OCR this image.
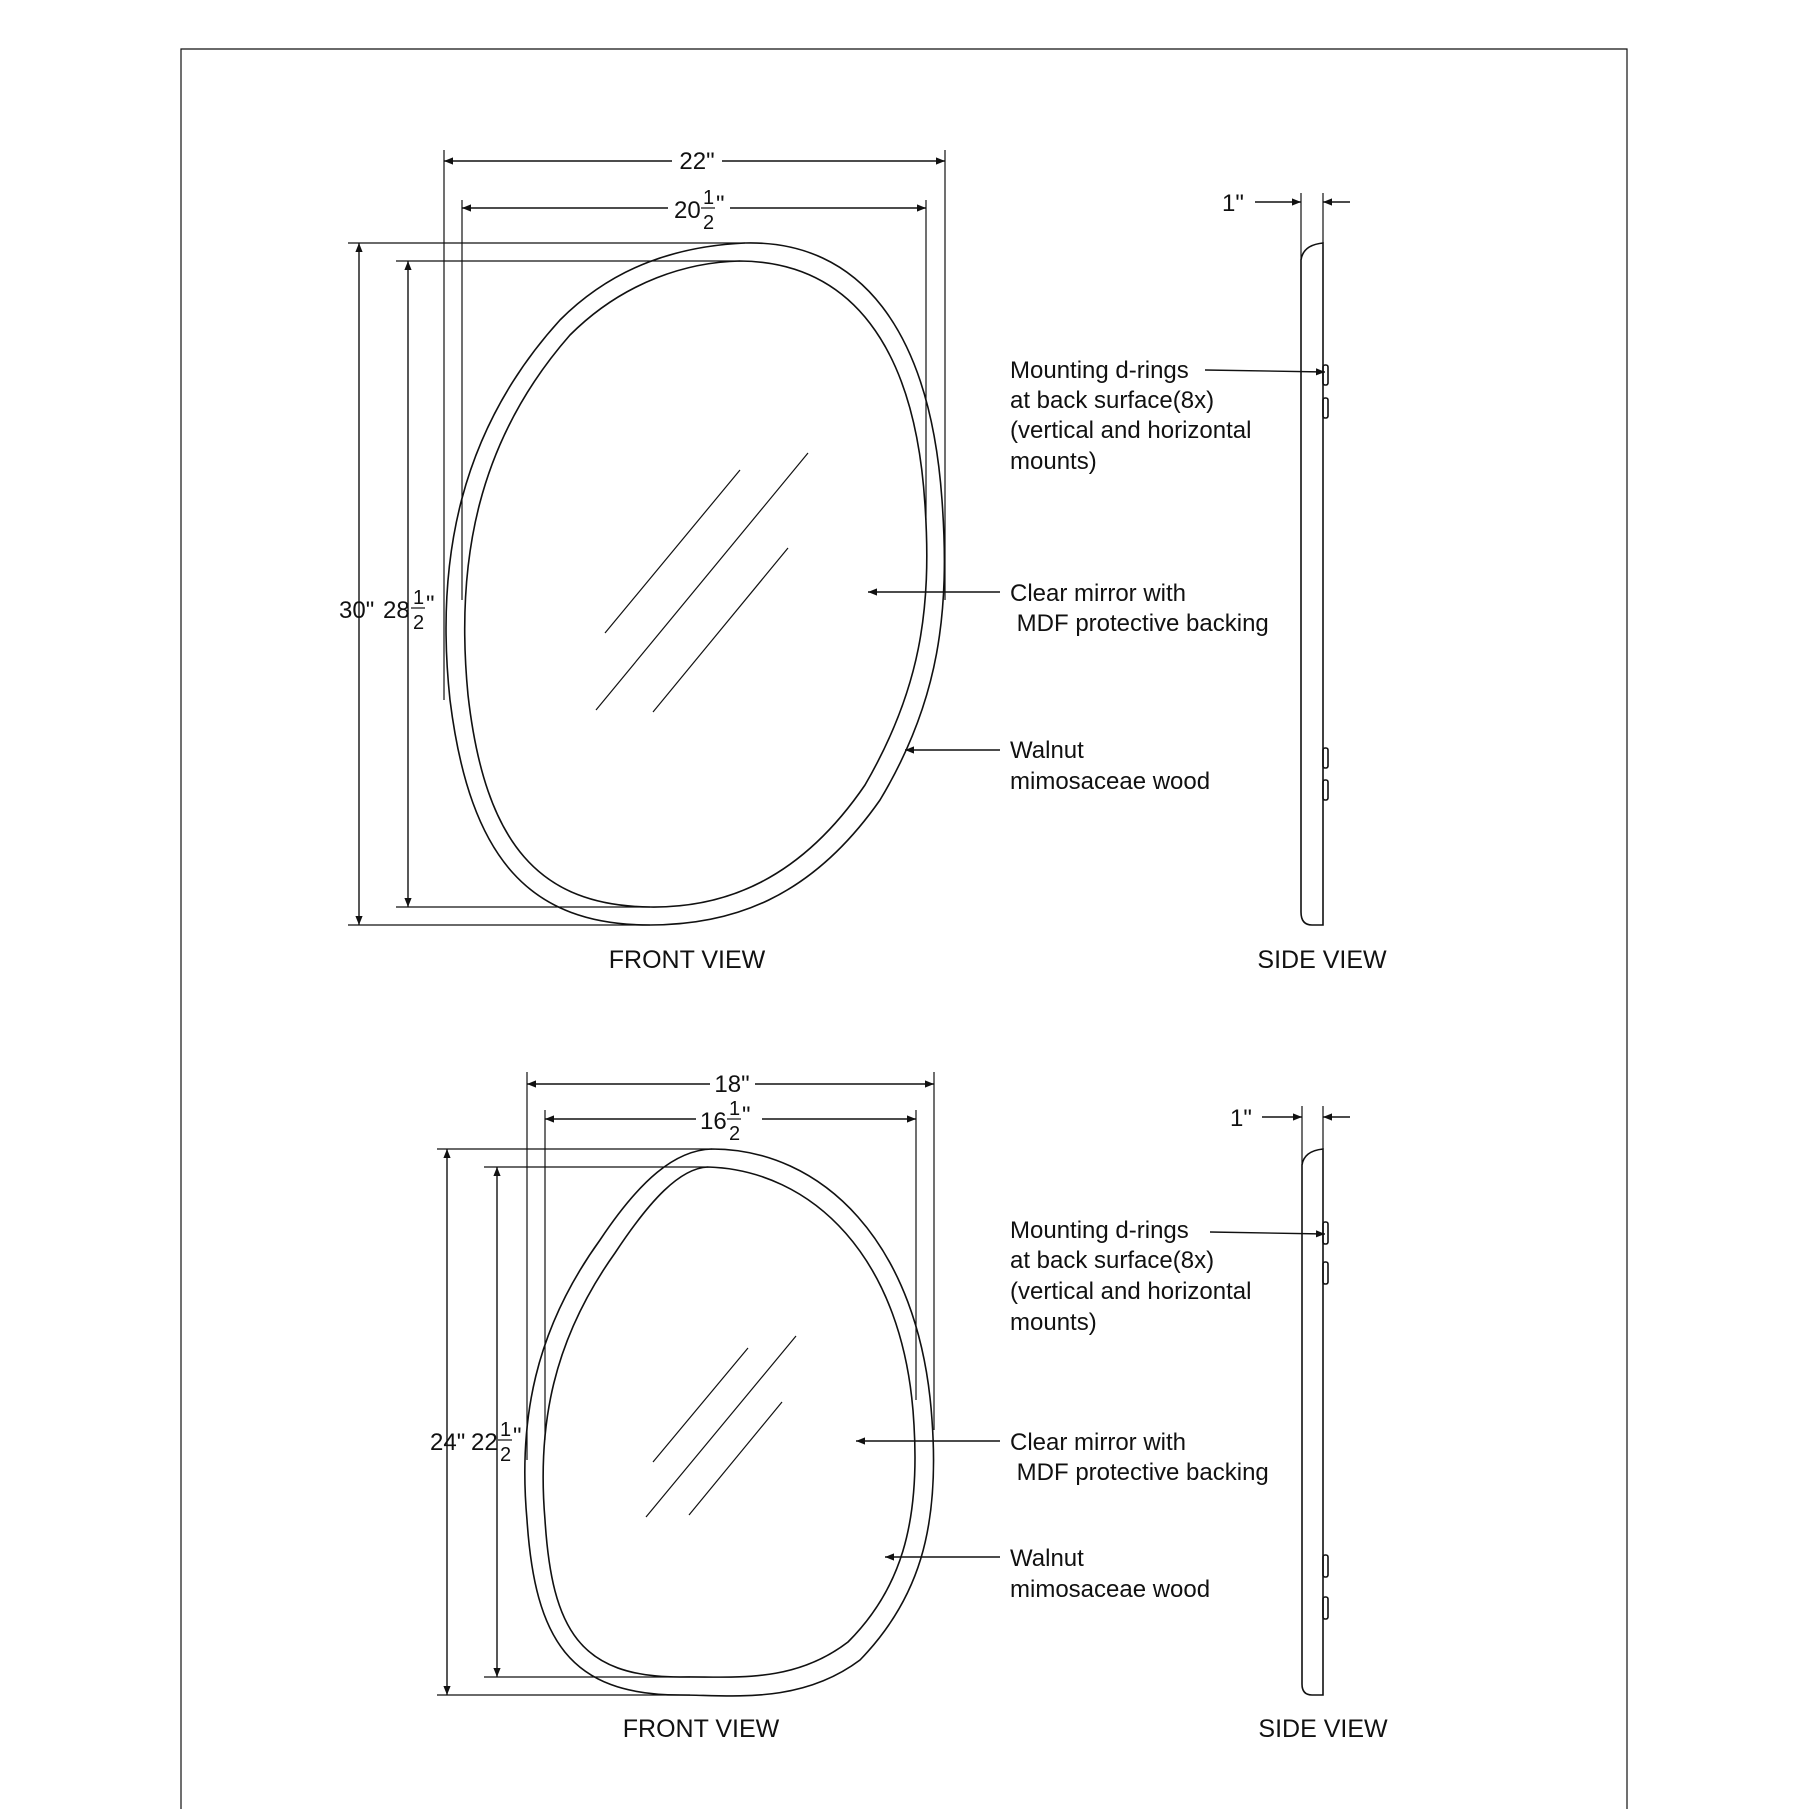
22"
20 1
2
"
30" 28 1
2
"
FRONT VIEW
1"
SIDE VIEW
Mounting d-rings at back surface(8x) (vertical and horizontal mounts)
Clear mirror with          MDF protective backing
Walnut mimosaceae wood
18"
16 1
2
"
24" 22 1
2
"
FRONT VIEW
1"
SIDE VIEW
Mounting d-rings at back surface(8x) (vertical and horizontal mounts)
Clear mirror with          MDF protective backing
Walnut mimosaceae wood
